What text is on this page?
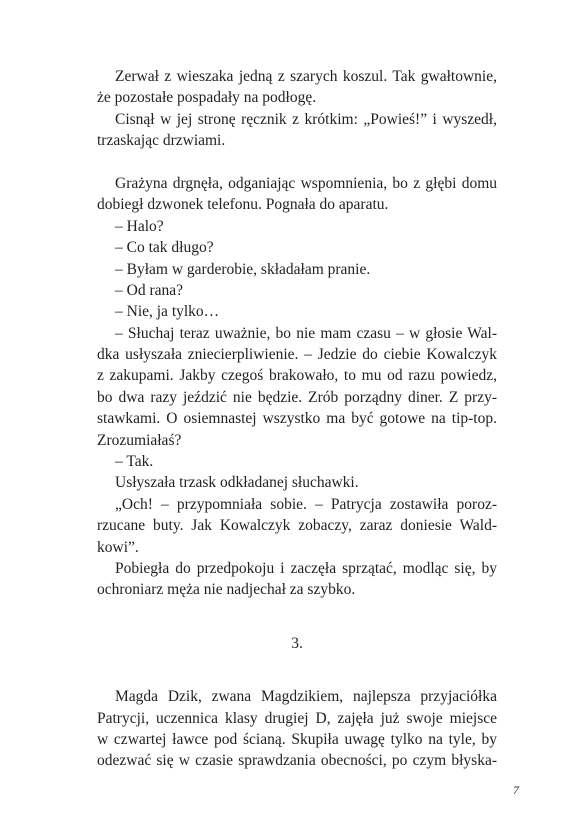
Zerwał z wieszaka jedną z szarych koszul. Tak gwałtownie,
że pozostałe pospadały na podłogę.
Cisnął w jej stronę ręcznik z krótkim: „Powieś!” i wyszedł,
trzaskając drzwiami.
Grażyna drgnęła, odganiając wspomnienia, bo z głębi domu
dobiegł dzwonek telefonu. Pognała do aparatu.
– Halo?
– Co tak długo?
– Byłam w garderobie, składałam pranie.
– Od rana?
– Nie, ja tylko…
– Słuchaj teraz uważnie, bo nie mam czasu – w głosie Wal-
dka usłyszała zniecierpliwienie. – Jedzie do ciebie Kowalczyk
z zakupami. Jakby czegoś brakowało, to mu od razu powiedz,
bo dwa razy jeździć nie będzie. Zrób porządny diner. Z przy-
stawkami. O osiemnastej wszystko ma być gotowe na tip-top.
Zrozumiałaś?
– Tak.
Usłyszała trzask odkładanej słuchawki.
„Och! – przypomniała sobie. – Patrycja zostawiła poroz-
rzucane buty. Jak Kowalczyk zobaczy, zaraz doniesie Wald-
kowi”.
Pobiegła do przedpokoju i zaczęła sprzątać, modląc się, by
ochroniarz męża nie nadjechał za szybko.
3.
Magda Dzik, zwana Magdzikiem, najlepsza przyjaciółka
Patrycji, uczennica klasy drugiej D, zajęła już swoje miejsce
w czwartej ławce pod ścianą. Skupiła uwagę tylko na tyle, by
odezwać się w czasie sprawdzania obecności, po czym błyska-
7
